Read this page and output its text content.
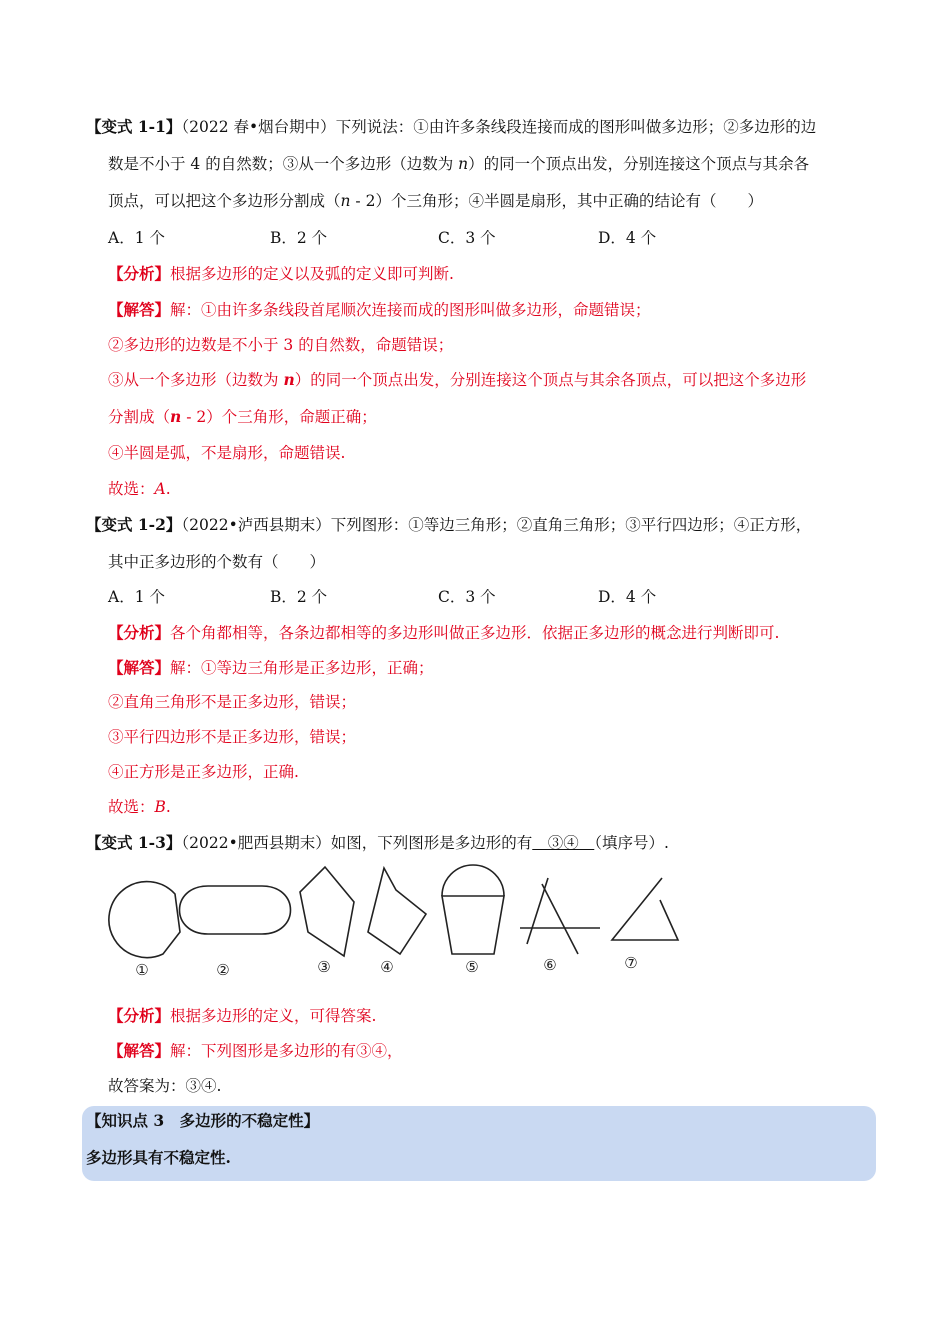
【变式 1-1】（2022 春•烟台期中）下列说法：①由许多条线段连接而成的图形叫做多边形；②多边形的边
数是不小于 4 的自然数；③从一个多边形（边数为 n）的同一个顶点出发，分别连接这个顶点与其余各
顶点，可以把这个多边形分割成（n - 2）个三角形；④半圆是扇形，其中正确的结论有（　　）
A．1 个	B．2 个	C．3 个	D．4 个
【分析】根据多边形的定义以及弧的定义即可判断.
【解答】解：①由许多条线段首尾顺次连接而成的图形叫做多边形，命题错误；
②多边形的边数是不小于 3 的自然数，命题错误；
③从一个多边形（边数为 n）的同一个顶点出发，分别连接这个顶点与其余各顶点，可以把这个多边形
分割成（n - 2）个三角形，命题正确；
④半圆是弧，不是扇形，命题错误.
故选：A.
【变式 1-2】（2022•泸西县期末）下列图形：①等边三角形；②直角三角形；③平行四边形；④正方形，
其中正多边形的个数有（　　）
A．1 个	B．2 个	C．3 个	D．4 个
【分析】各个角都相等，各条边都相等的多边形叫做正多边形．依据正多边形的概念进行判断即可.
【解答】解：①等边三角形是正多边形，正确；
②直角三角形不是正多边形，错误；
③平行四边形不是正多边形，错误；
④正方形是正多边形，正确.
故选：B.
【变式 1-3】（2022•肥西县期末）如图，下列图形是多边形的有　③④　（填序号）.
①	②	③	④	⑤	⑥	⑦
【分析】根据多边形的定义，可得答案.
【解答】解：下列图形是多边形的有③④，
故答案为：③④.
【知识点 3　多边形的不稳定性】
多边形具有不稳定性.
